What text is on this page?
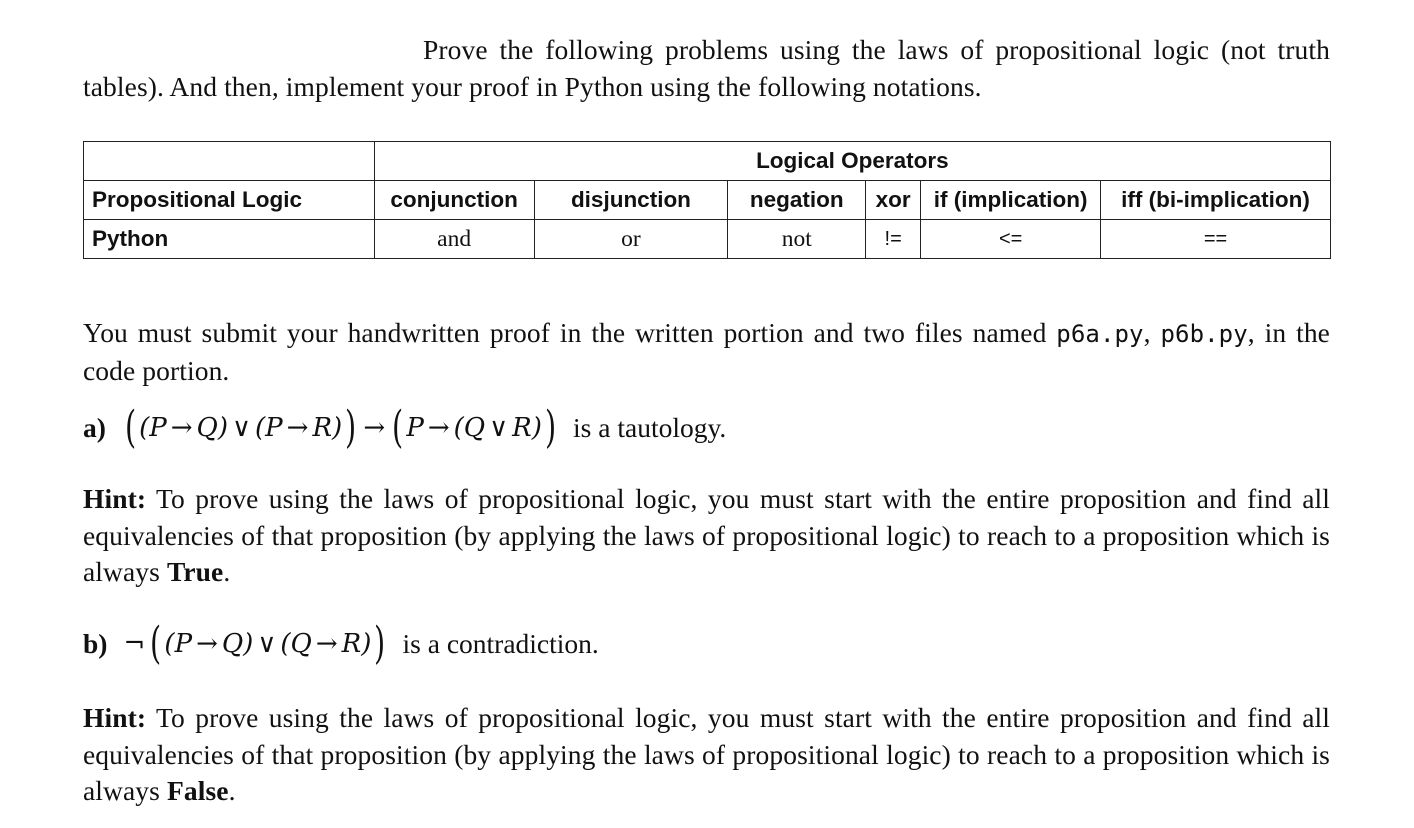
Prove the following problems using the laws of propositional logic (not truth tables). And then, implement your proof in Python using the following notations.
	Logical Operators					
Propositional Logic	conjunction	disjunction	negation	xor	if (implication)	iff (bi-implication)
Python	and	or	not	!=	<=	==
You must submit your handwritten proof in the written portion and two files named p6a.py, p6b.py, in the code portion.
a) ( (P → Q) ∨ (P → R)) → ( P → (Q ∨ R)) is a tautology.
Hint: To prove using the laws of propositional logic, you must start with the entire proposition and find all equivalencies of that proposition (by applying the laws of propositional logic) to reach to a proposition which is always True.
b) ¬ ( (P → Q) ∨ (Q → R)) is a contradiction.
Hint: To prove using the laws of propositional logic, you must start with the entire proposition and find all equivalencies of that proposition (by applying the laws of propositional logic) to reach to a proposition which is always False.
